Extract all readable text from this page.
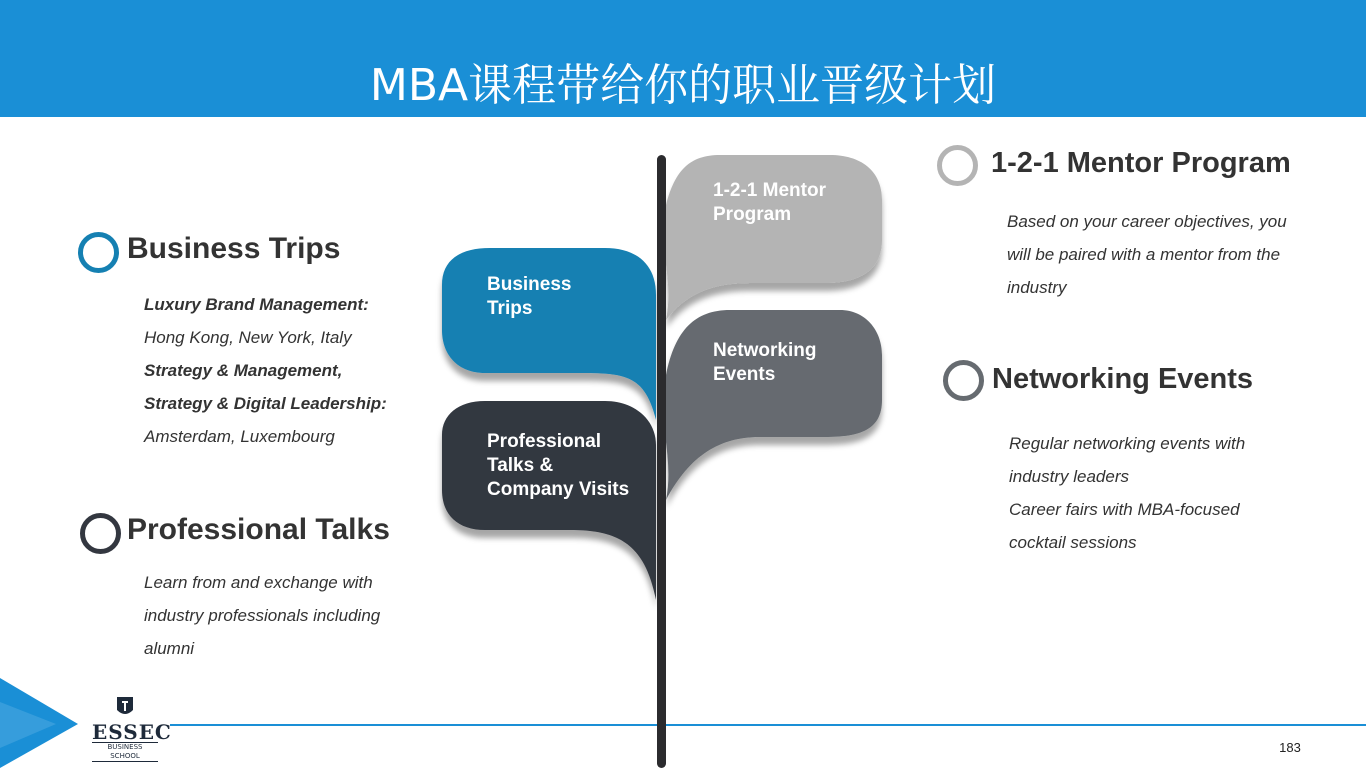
MBA课程带给你的职业晋级计划
ESSEC
BUSINESS SCHOOL
1-2-1 Mentor
Program
Networking
Events
Business
Trips
Professional
Talks &
Company Visits
Business Trips
Luxury Brand Management:
Hong Kong, New York, Italy
Strategy & Management,
Strategy & Digital Leadership:
Amsterdam, Luxembourg
Professional Talks
Learn from and exchange with
industry professionals including
alumni
1-2-1 Mentor Program
Based on your career objectives, you
will be paired with a mentor from the
industry
Networking Events
Regular networking events with
industry leaders
Career fairs with MBA-focused
cocktail sessions
183
